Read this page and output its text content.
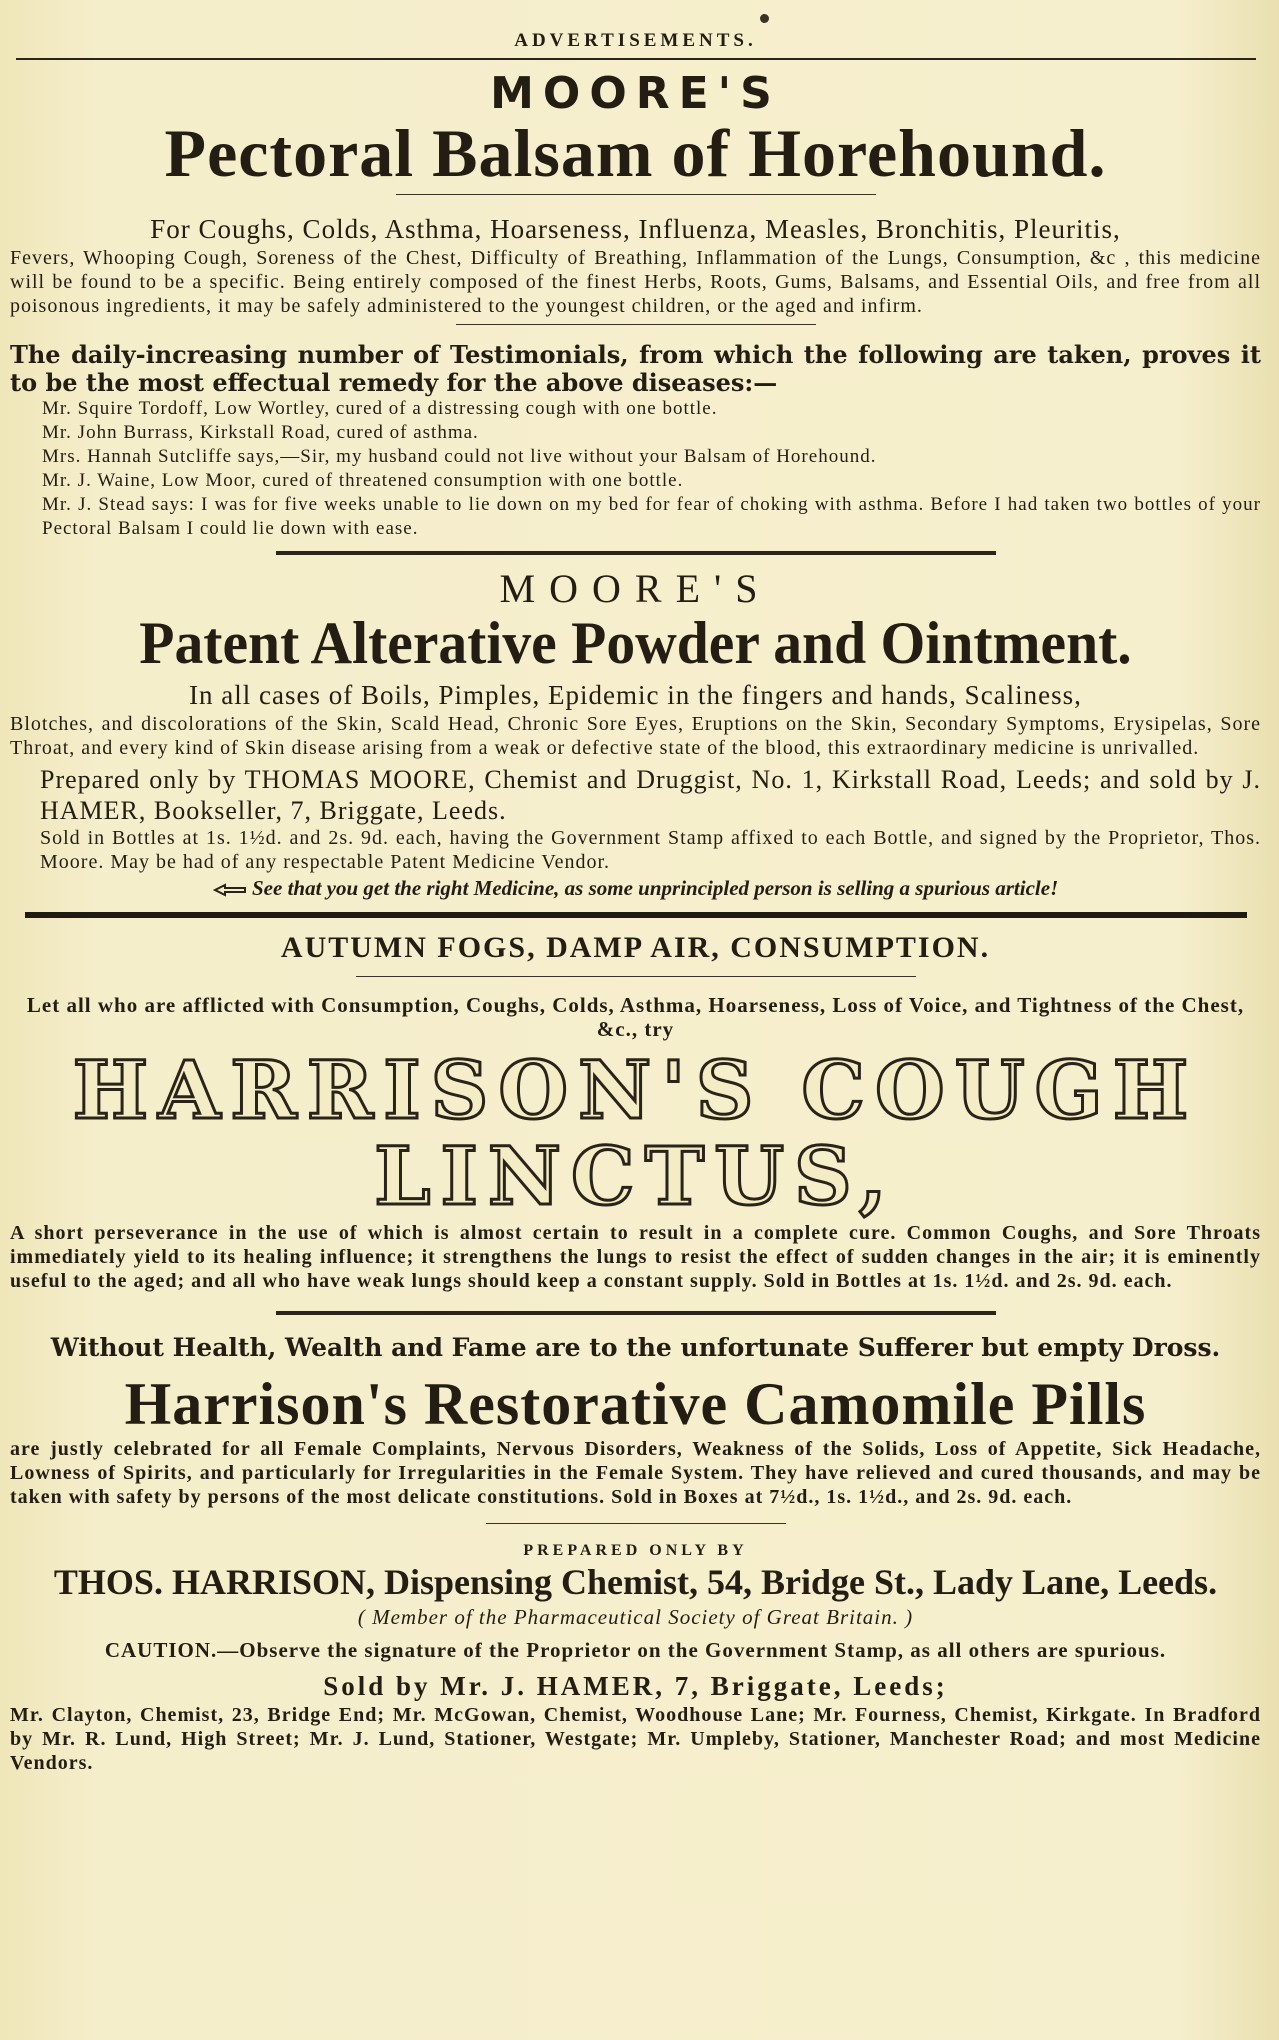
ADVERTISEMENTS.
MOORE'S
Pectoral Balsam of Horehound.
For Coughs, Colds, Asthma, Hoarseness, Influenza, Measles, Bronchitis, Pleuritis,
Fevers, Whooping Cough, Soreness of the Chest, Difficulty of Breathing, Inflammation of the Lungs, Consumption, &c , this medicine will be found to be a specific. Being entirely composed of the finest Herbs, Roots, Gums, Balsams, and Essential Oils, and free from all poisonous ingredients, it may be safely administered to the youngest children, or the aged and infirm.
The daily-increasing number of Testimonials, from which the following are taken, proves it to be the most effectual remedy for the above diseases:—
Mr. Squire Tordoff, Low Wortley, cured of a distressing cough with one bottle.
Mr. John Burrass, Kirkstall Road, cured of asthma.
Mrs. Hannah Sutcliffe says,—Sir, my husband could not live without your Balsam of Horehound.
Mr. J. Waine, Low Moor, cured of threatened consumption with one bottle.
Mr. J. Stead says: I was for five weeks unable to lie down on my bed for fear of choking with asthma. Before I had taken two bottles of your Pectoral Balsam I could lie down with ease.
MOORE'S
Patent Alterative Powder and Ointment.
In all cases of Boils, Pimples, Epidemic in the fingers and hands, Scaliness,
Blotches, and discolorations of the Skin, Scald Head, Chronic Sore Eyes, Eruptions on the Skin, Secondary Symptoms, Erysipelas, Sore Throat, and every kind of Skin disease arising from a weak or defective state of the blood, this extraordinary medicine is unrivalled.
Prepared only by THOMAS MOORE, Chemist and Druggist, No. 1, Kirkstall Road, Leeds; and sold by J. HAMER, Bookseller, 7, Briggate, Leeds.
Sold in Bottles at 1s. 1½d. and 2s. 9d. each, having the Government Stamp affixed to each Bottle, and signed by the Proprietor, Thos. Moore. May be had of any respectable Patent Medicine Vendor.
See that you get the right Medicine, as some unprincipled person is selling a spurious article!
AUTUMN FOGS, DAMP AIR, CONSUMPTION.
Let all who are afflicted with Consumption, Coughs, Colds, Asthma, Hoarseness, Loss of Voice, and Tightness of the Chest, &c., try
HARRISON'S COUGH LINCTUS,
A short perseverance in the use of which is almost certain to result in a complete cure. Common Coughs, and Sore Throats immediately yield to its healing influence; it strengthens the lungs to resist the effect of sudden changes in the air; it is eminently useful to the aged; and all who have weak lungs should keep a constant supply. Sold in Bottles at 1s. 1½d. and 2s. 9d. each.
Without Health, Wealth and Fame are to the unfortunate Sufferer but empty Dross.
Harrison's Restorative Camomile Pills
are justly celebrated for all Female Complaints, Nervous Disorders, Weakness of the Solids, Loss of Appetite, Sick Headache, Lowness of Spirits, and particularly for Irregularities in the Female System. They have relieved and cured thousands, and may be taken with safety by persons of the most delicate constitutions. Sold in Boxes at 7½d., 1s. 1½d., and 2s. 9d. each.
PREPARED ONLY BY
THOS. HARRISON, Dispensing Chemist, 54, Bridge St., Lady Lane, Leeds.
( Member of the Pharmaceutical Society of Great Britain. )
CAUTION.—Observe the signature of the Proprietor on the Government Stamp, as all others are spurious.
Sold by Mr. J. HAMER, 7, Briggate, Leeds;
Mr. Clayton, Chemist, 23, Bridge End; Mr. McGowan, Chemist, Woodhouse Lane; Mr. Fourness, Chemist, Kirkgate. In Bradford by Mr. R. Lund, High Street; Mr. J. Lund, Stationer, Westgate; Mr. Umpleby, Stationer, Manchester Road; and most Medicine Vendors.
